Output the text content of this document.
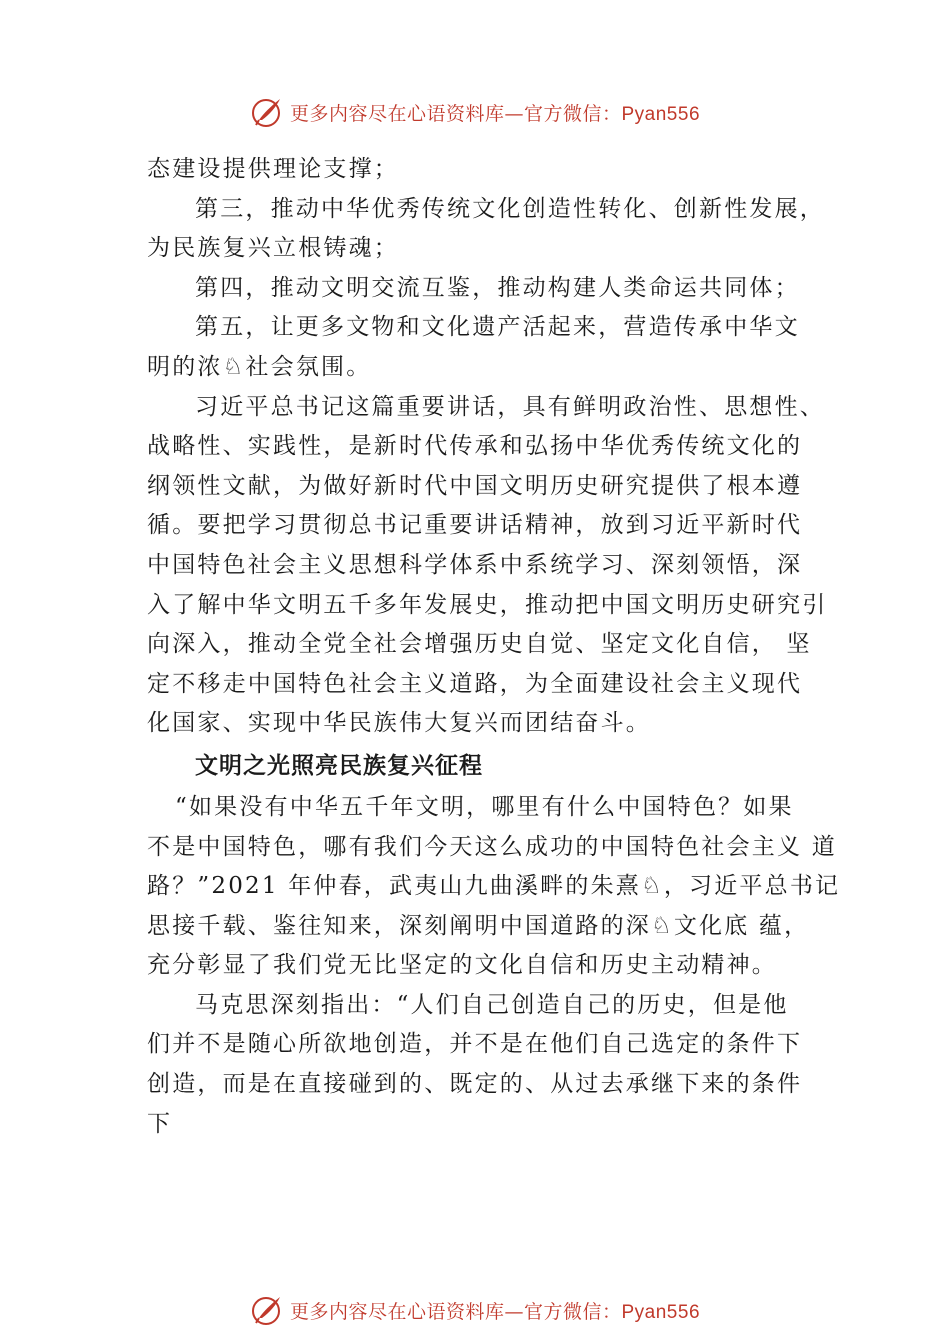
更多内容尽在心语资料库—官方微信：Pyan556
态建设提供理论支撑；
第三，推动中华优秀传统文化创造性转化、创新性发展，
为民族复兴立根铸魂；
第四，推动文明交流互鉴，推动构建人类命运共同体；
第五，让更多文物和文化遗产活起来，营造传承中华文
明的浓♘社会氛围。
习近平总书记这篇重要讲话，具有鲜明政治性、思想性、
战略性、实践性，是新时代传承和弘扬中华优秀传统文化的
纲领性文献，为做好新时代中国文明历史研究提供了根本遵
循。要把学习贯彻总书记重要讲话精神，放到习近平新时代
中国特色社会主义思想科学体系中系统学习、深刻领悟，深
入了解中华文明五千多年发展史，推动把中国文明历史研究引
向深入，推动全党全社会增强历史自觉、坚定文化自信， 坚
定不移走中国特色社会主义道路，为全面建设社会主义现代
化国家、实现中华民族伟大复兴而团结奋斗。
文明之光照亮民族复兴征程
“如果没有中华五千年文明，哪里有什么中国特色？如果
不是中国特色，哪有我们今天这么成功的中国特色社会主义 道
路？”2021 年仲春，武夷山九曲溪畔的朱熹♘，习近平总书记
思接千载、鉴往知来，深刻阐明中国道路的深♘文化底 蕴，
充分彰显了我们党无比坚定的文化自信和历史主动精神。
马克思深刻指出：“人们自己创造自己的历史，但是他
们并不是随心所欲地创造，并不是在他们自己选定的条件下
创造，而是在直接碰到的、既定的、从过去承继下来的条件
下
更多内容尽在心语资料库—官方微信：Pyan556
